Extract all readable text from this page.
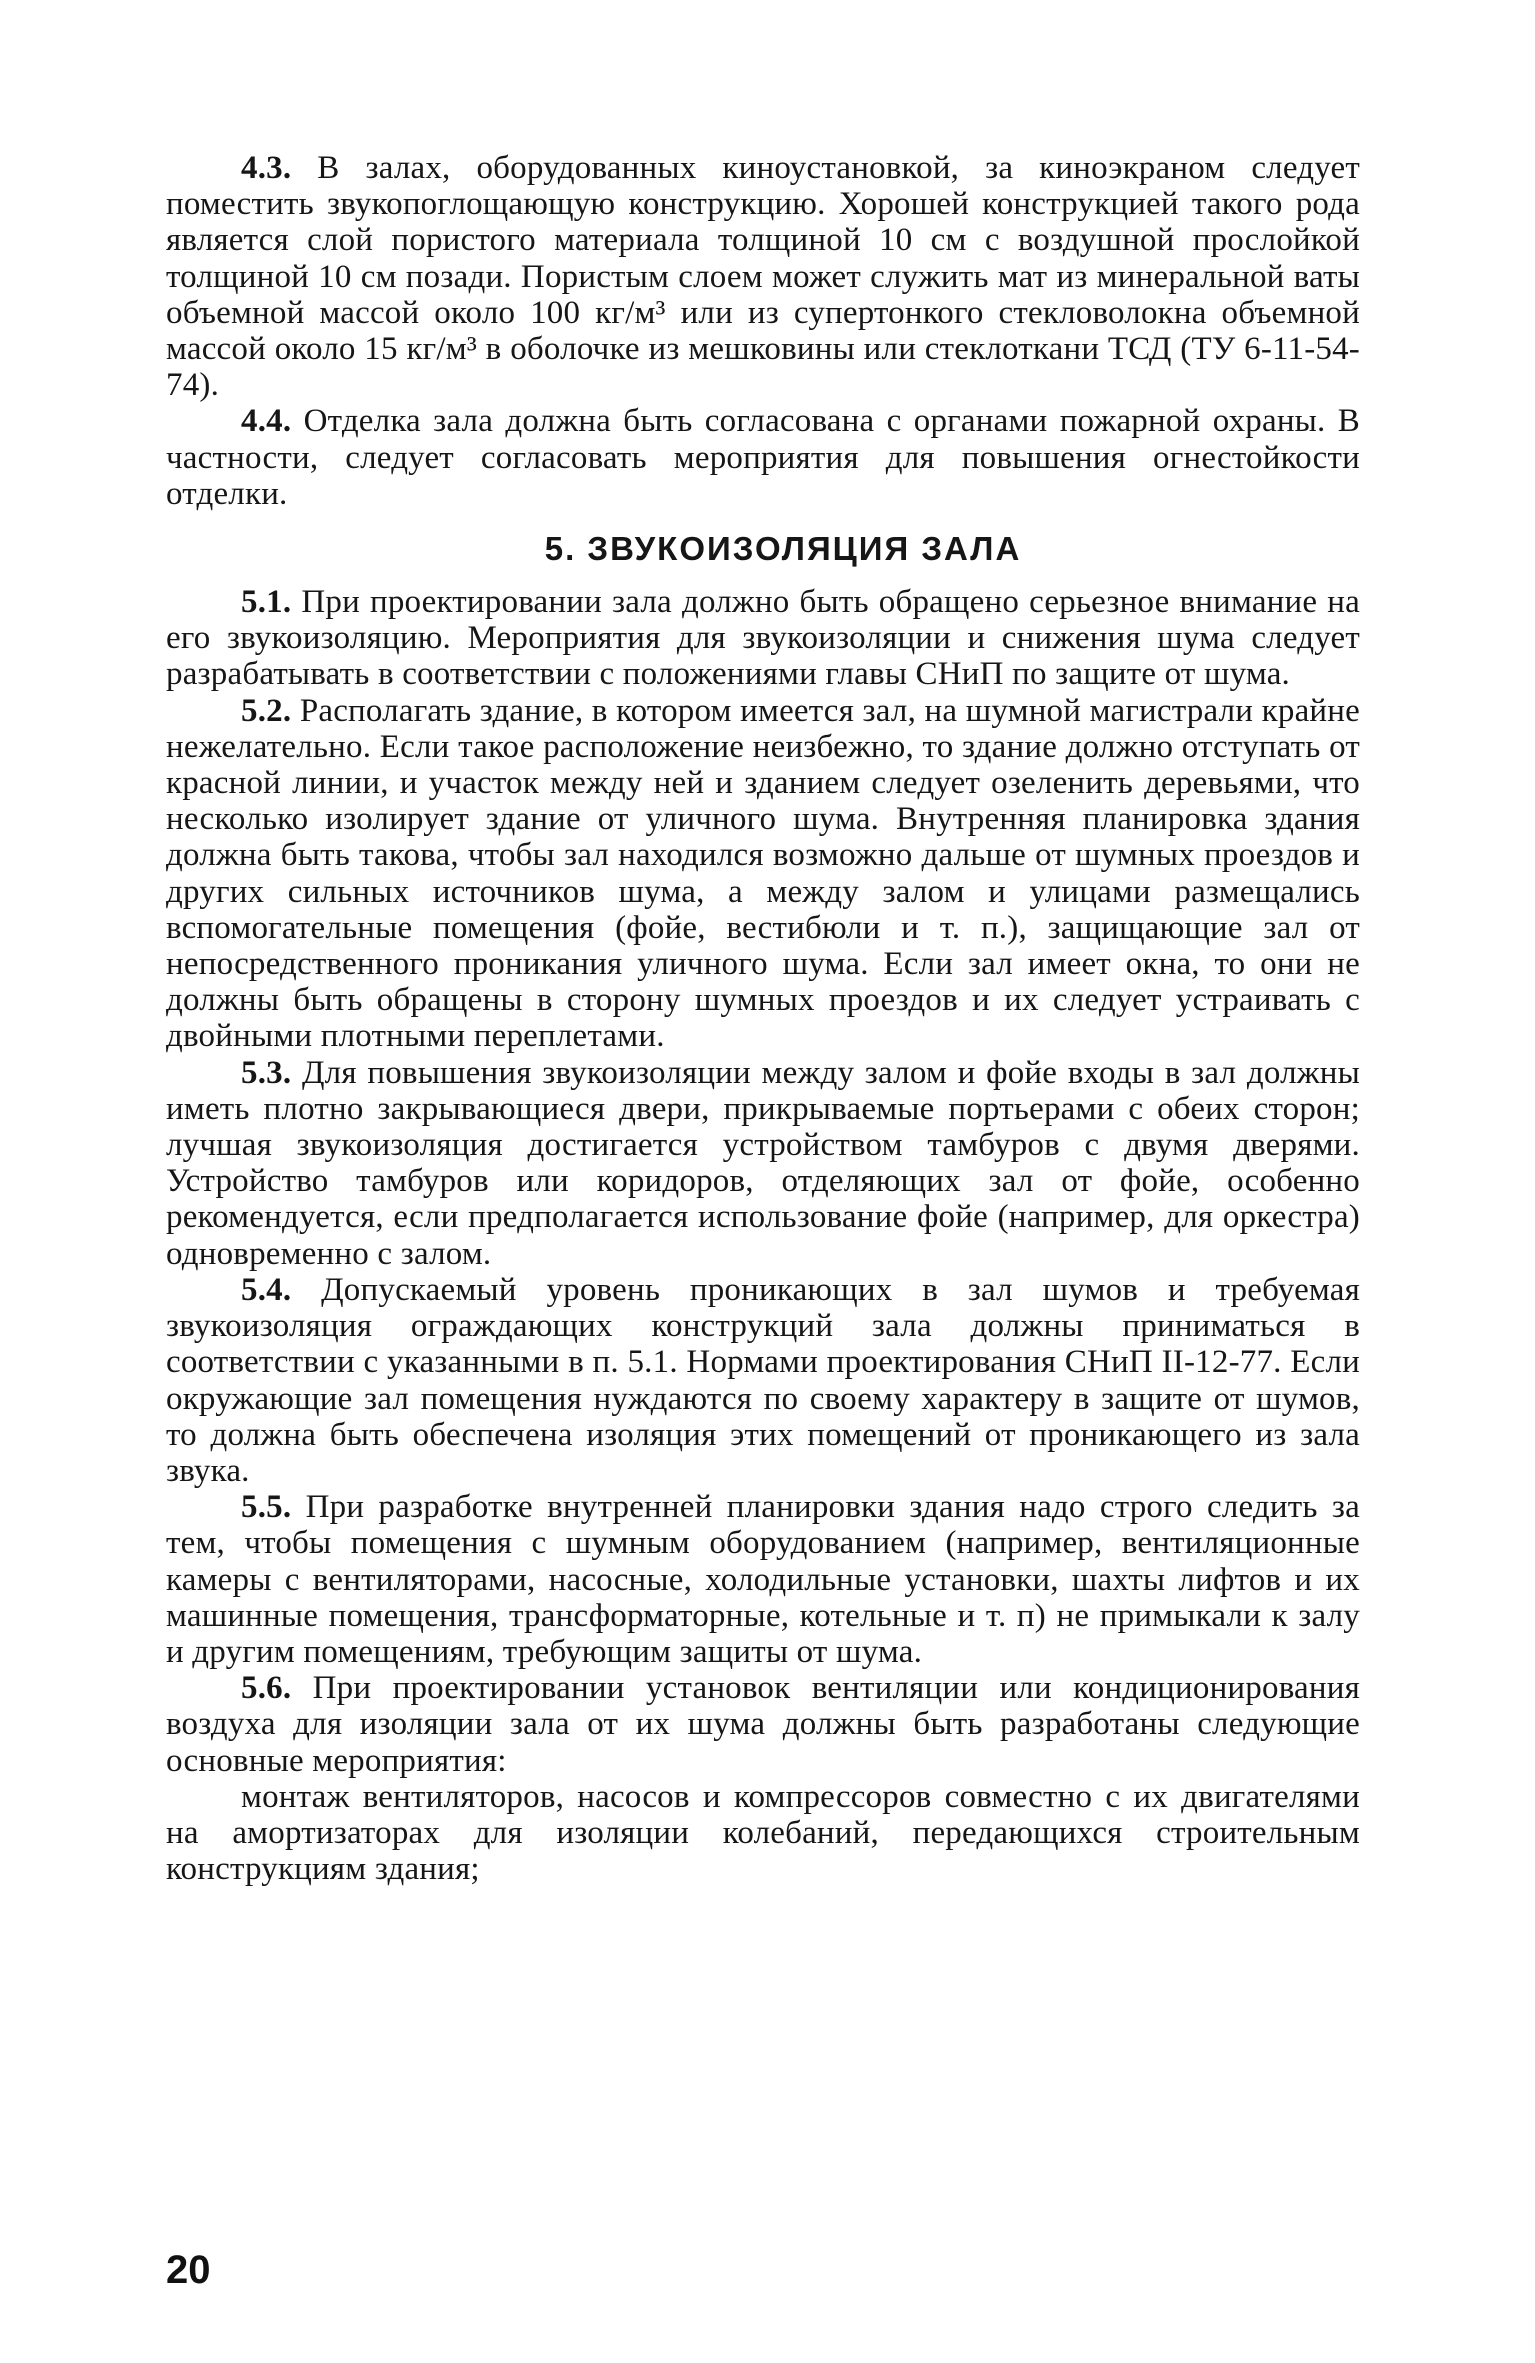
4.3. В залах, оборудованных киноустановкой, за киноэкраном следует поместить звукопоглощающую конструкцию. Хорошей конструкцией такого рода является слой пористого материала толщиной 10 см с воздушной прослойкой толщиной 10 см позади. Пористым слоем может служить мат из минеральной ваты объемной массой около 100 кг/м³ или из супертонкого стекловолокна объемной массой около 15 кг/м³ в оболочке из мешковины или стеклоткани ТСД (ТУ 6-11-54-74).

4.4. Отделка зала должна быть согласована с органами пожарной охраны. В частности, следует согласовать мероприятия для повышения огнестойкости отделки.

5. ЗВУКОИЗОЛЯЦИЯ ЗАЛА

5.1. При проектировании зала должно быть обращено серьезное внимание на его звукоизоляцию. Мероприятия для звукоизоляции и снижения шума следует разрабатывать в соответствии с положениями главы СНиП по защите от шума.

5.2. Располагать здание, в котором имеется зал, на шумной магистрали крайне нежелательно. Если такое расположение неизбежно, то здание должно отступать от красной линии, и участок между ней и зданием следует озеленить деревьями, что несколько изолирует здание от уличного шума. Внутренняя планировка здания должна быть такова, чтобы зал находился возможно дальше от шумных проездов и других сильных источников шума, а между залом и улицами размещались вспомогательные помещения (фойе, вестибюли и т. п.), защищающие зал от непосредственного проникания уличного шума. Если зал имеет окна, то они не должны быть обращены в сторону шумных проездов и их следует устраивать с двойными плотными переплетами.

5.3. Для повышения звукоизоляции между залом и фойе входы в зал должны иметь плотно закрывающиеся двери, прикрываемые портьерами с обеих сторон; лучшая звукоизоляция достигается устройством тамбуров с двумя дверями. Устройство тамбуров или коридоров, отделяющих зал от фойе, особенно рекомендуется, если предполагается использование фойе (например, для оркестра) одновременно с залом.

5.4. Допускаемый уровень проникающих в зал шумов и требуемая звукоизоляция ограждающих конструкций зала должны приниматься в соответствии с указанными в п. 5.1. Нормами проектирования СНиП II-12-77. Если окружающие зал помещения нуждаются по своему характеру в защите от шумов, то должна быть обеспечена изоляция этих помещений от проникающего из зала звука.

5.5. При разработке внутренней планировки здания надо строго следить за тем, чтобы помещения с шумным оборудованием (например, вентиляционные камеры с вентиляторами, насосные, холодильные установки, шахты лифтов и их машинные помещения, трансформаторные, котельные и т. п) не примыкали к залу и другим помещениям, требующим защиты от шума.

5.6. При проектировании установок вентиляции или кондиционирования воздуха для изоляции зала от их шума должны быть разработаны следующие основные мероприятия:

монтаж вентиляторов, насосов и компрессоров совместно с их двигателями на амортизаторах для изоляции колебаний, передающихся строительным конструкциям здания;

20
